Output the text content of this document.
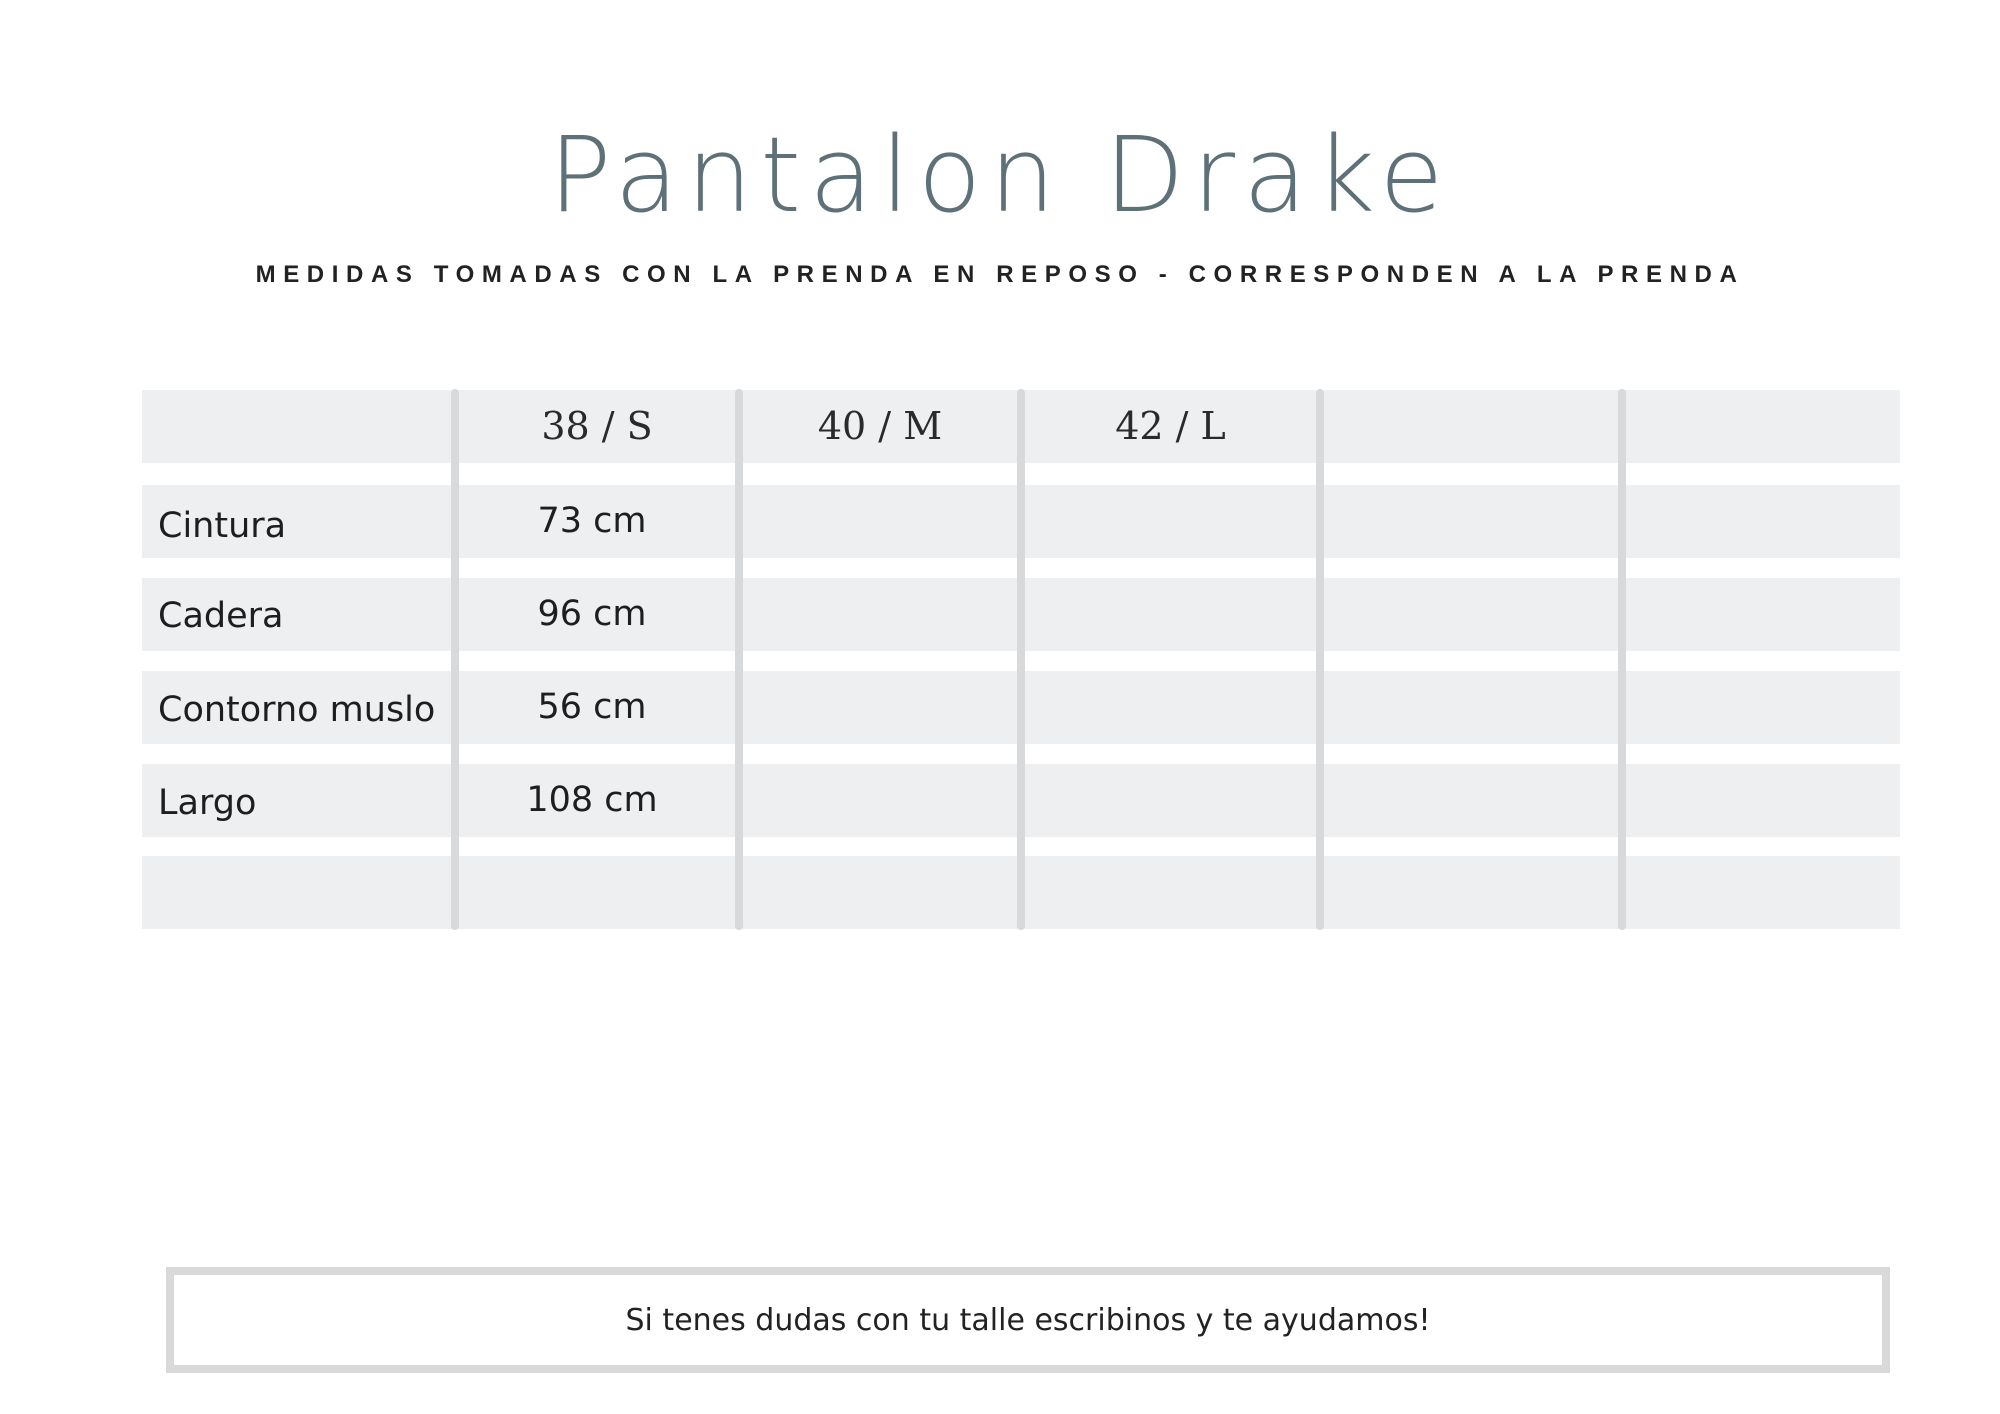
Pantalon Drake
MEDIDAS TOMADAS CON LA PRENDA EN REPOSO - CORRESPONDEN A LA PRENDA
38 / S	40 / M	42 / L
Cintura
Cadera
Contorno muslo
Largo
73 cm
96 cm
56 cm
108 cm
Si tenes dudas con tu talle escribinos y te ayudamos!
